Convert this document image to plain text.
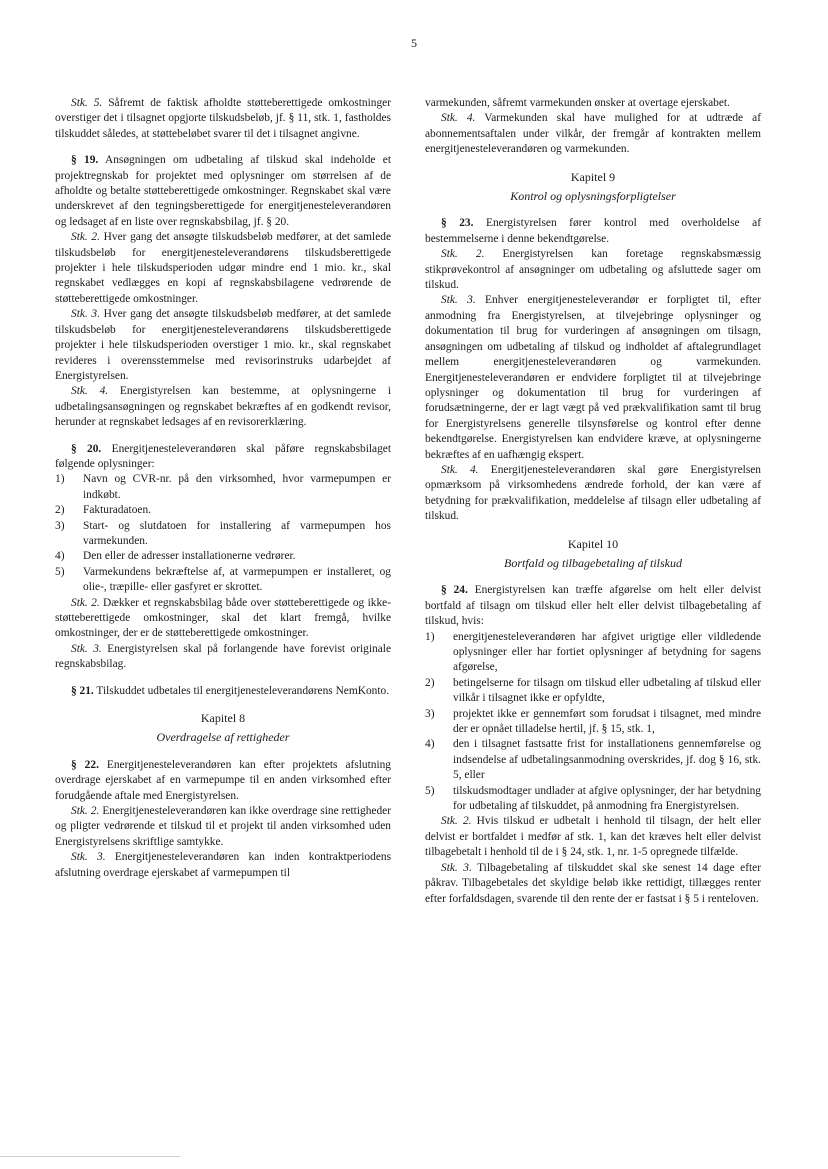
5

Stk. 5. Såfremt de faktisk afholdte støtteberettigede omkostninger overstiger det i tilsagnet opgjorte tilskudsbeløb, jf. § 11, stk. 1, fastholdes tilskuddet således, at støttebeløbet svarer til det i tilsagnet angivne.

§ 19. Ansøgningen om udbetaling af tilskud skal indeholde et projektregnskab for projektet med oplysninger om størrelsen af de afholdte og betalte støtteberettigede omkostninger. Regnskabet skal være underskrevet af den tegningsberettigede for energitjenesteleverandøren og ledsaget af en liste over regnskabsbilag, jf. § 20.

Stk. 2. Hver gang det ansøgte tilskudsbeløb medfører, at det samlede tilskudsbeløb for energitjenesteleverandørens tilskudsberettigede projekter i hele tilskudsperioden udgør mindre end 1 mio. kr., skal regnskabet vedlægges en kopi af regnskabsbilagene vedrørende de støtteberettigede omkostninger.

Stk. 3. Hver gang det ansøgte tilskudsbeløb medfører, at det samlede tilskudsbeløb for energitjenesteleverandørens tilskudsberettigede projekter i hele tilskudsperioden overstiger 1 mio. kr., skal regnskabet revideres i overensstemmelse med revisorinstruks udarbejdet af Energistyrelsen.

Stk. 4. Energistyrelsen kan bestemme, at oplysningerne i udbetalingsansøgningen og regnskabet bekræftes af en godkendt revisor, herunder at regnskabet ledsages af en revisorerklæring.

§ 20. Energitjenesteleverandøren skal påføre regnskabsbilaget følgende oplysninger:

1)	Navn og CVR-nr. på den virksomhed, hvor varmepumpen er indkøbt.
2)	Fakturadatoen.
3)	Start- og slutdatoen for installering af varmepumpen hos varmekunden.
4)	Den eller de adresser installationerne vedrører.
5)	Varmekundens bekræftelse af, at varmepumpen er installeret, og olie-, træpille- eller gasfyret er skrottet.

Stk. 2. Dækker et regnskabsbilag både over støtteberettigede og ikke-støtteberettigede omkostninger, skal det klart fremgå, hvilke omkostninger, der er de støtteberettigede omkostninger.

Stk. 3. Energistyrelsen skal på forlangende have forevist originale regnskabsbilag.

§ 21. Tilskuddet udbetales til energitjenesteleverandørens NemKonto.

Kapitel 8
Overdragelse af rettigheder

§ 22. Energitjenesteleverandøren kan efter projektets afslutning overdrage ejerskabet af en varmepumpe til en anden virksomhed efter forudgående aftale med Energistyrelsen.

Stk. 2. Energitjenesteleverandøren kan ikke overdrage sine rettigheder og pligter vedrørende et tilskud til et projekt til anden virksomhed uden Energistyrelsens skriftlige samtykke.

Stk. 3. Energitjenesteleverandøren kan inden kontraktperiodens afslutning overdrage ejerskabet af varmepumpen til

varmekunden, såfremt varmekunden ønsker at overtage ejerskabet.

Stk. 4. Varmekunden skal have mulighed for at udtræde af abonnementsaftalen under vilkår, der fremgår af kontrakten mellem energitjenesteleverandøren og varmekunden.

Kapitel 9
Kontrol og oplysningsforpligtelser

§ 23. Energistyrelsen fører kontrol med overholdelse af bestemmelserne i denne bekendtgørelse.

Stk. 2. Energistyrelsen kan foretage regnskabsmæssig stikprøvekontrol af ansøgninger om udbetaling og afsluttede sager om tilskud.

Stk. 3. Enhver energitjenesteleverandør er forpligtet til, efter anmodning fra Energistyrelsen, at tilvejebringe oplysninger og dokumentation til brug for vurderingen af ansøgningen om tilsagn, ansøgningen om udbetaling af tilskud og indholdet af aftalegrundlaget mellem energitjenesteleverandøren og varmekunden. Energitjenesteleverandøren er endvidere forpligtet til at tilvejebringe oplysninger og dokumentation til brug for vurderingen af forudsætningerne, der er lagt vægt på ved prækvalifikation samt til brug for Energistyrelsens generelle tilsynsførelse og kontrol efter denne bekendtgørelse. Energistyrelsen kan endvidere kræve, at oplysningerne bekræftes af en uafhængig ekspert.

Stk. 4. Energitjenesteleverandøren skal gøre Energistyrelsen opmærksom på virksomhedens ændrede forhold, der kan være af betydning for prækvalifikation, meddelelse af tilsagn eller udbetaling af tilskud.

Kapitel 10
Bortfald og tilbagebetaling af tilskud

§ 24. Energistyrelsen kan træffe afgørelse om helt eller delvist bortfald af tilsagn om tilskud eller helt eller delvist tilbagebetaling af tilskud, hvis:

1)	energitjenesteleverandøren har afgivet urigtige eller vildledende oplysninger eller har fortiet oplysninger af betydning for sagens afgørelse,
2)	betingelserne for tilsagn om tilskud eller udbetaling af tilskud eller vilkår i tilsagnet ikke er opfyldte,
3)	projektet ikke er gennemført som forudsat i tilsagnet, med mindre der er opnået tilladelse hertil, jf. § 15, stk. 1,
4)	den i tilsagnet fastsatte frist for installationens gennemførelse og indsendelse af udbetalingsanmodning overskrides, jf. dog § 16, stk. 5, eller
5)	tilskudsmodtager undlader at afgive oplysninger, der har betydning for udbetaling af tilskuddet, på anmodning fra Energistyrelsen.

Stk. 2. Hvis tilskud er udbetalt i henhold til tilsagn, der helt eller delvist er bortfaldet i medfør af stk. 1, kan det kræves helt eller delvist tilbagebetalt i henhold til de i § 24, stk. 1, nr. 1-5 opregnede tilfælde.

Stk. 3. Tilbagebetaling af tilskuddet skal ske senest 14 dage efter påkrav. Tilbagebetales det skyldige beløb ikke rettidigt, tillægges renter efter forfaldsdagen, svarende til den rente der er fastsat i § 5 i renteloven.
